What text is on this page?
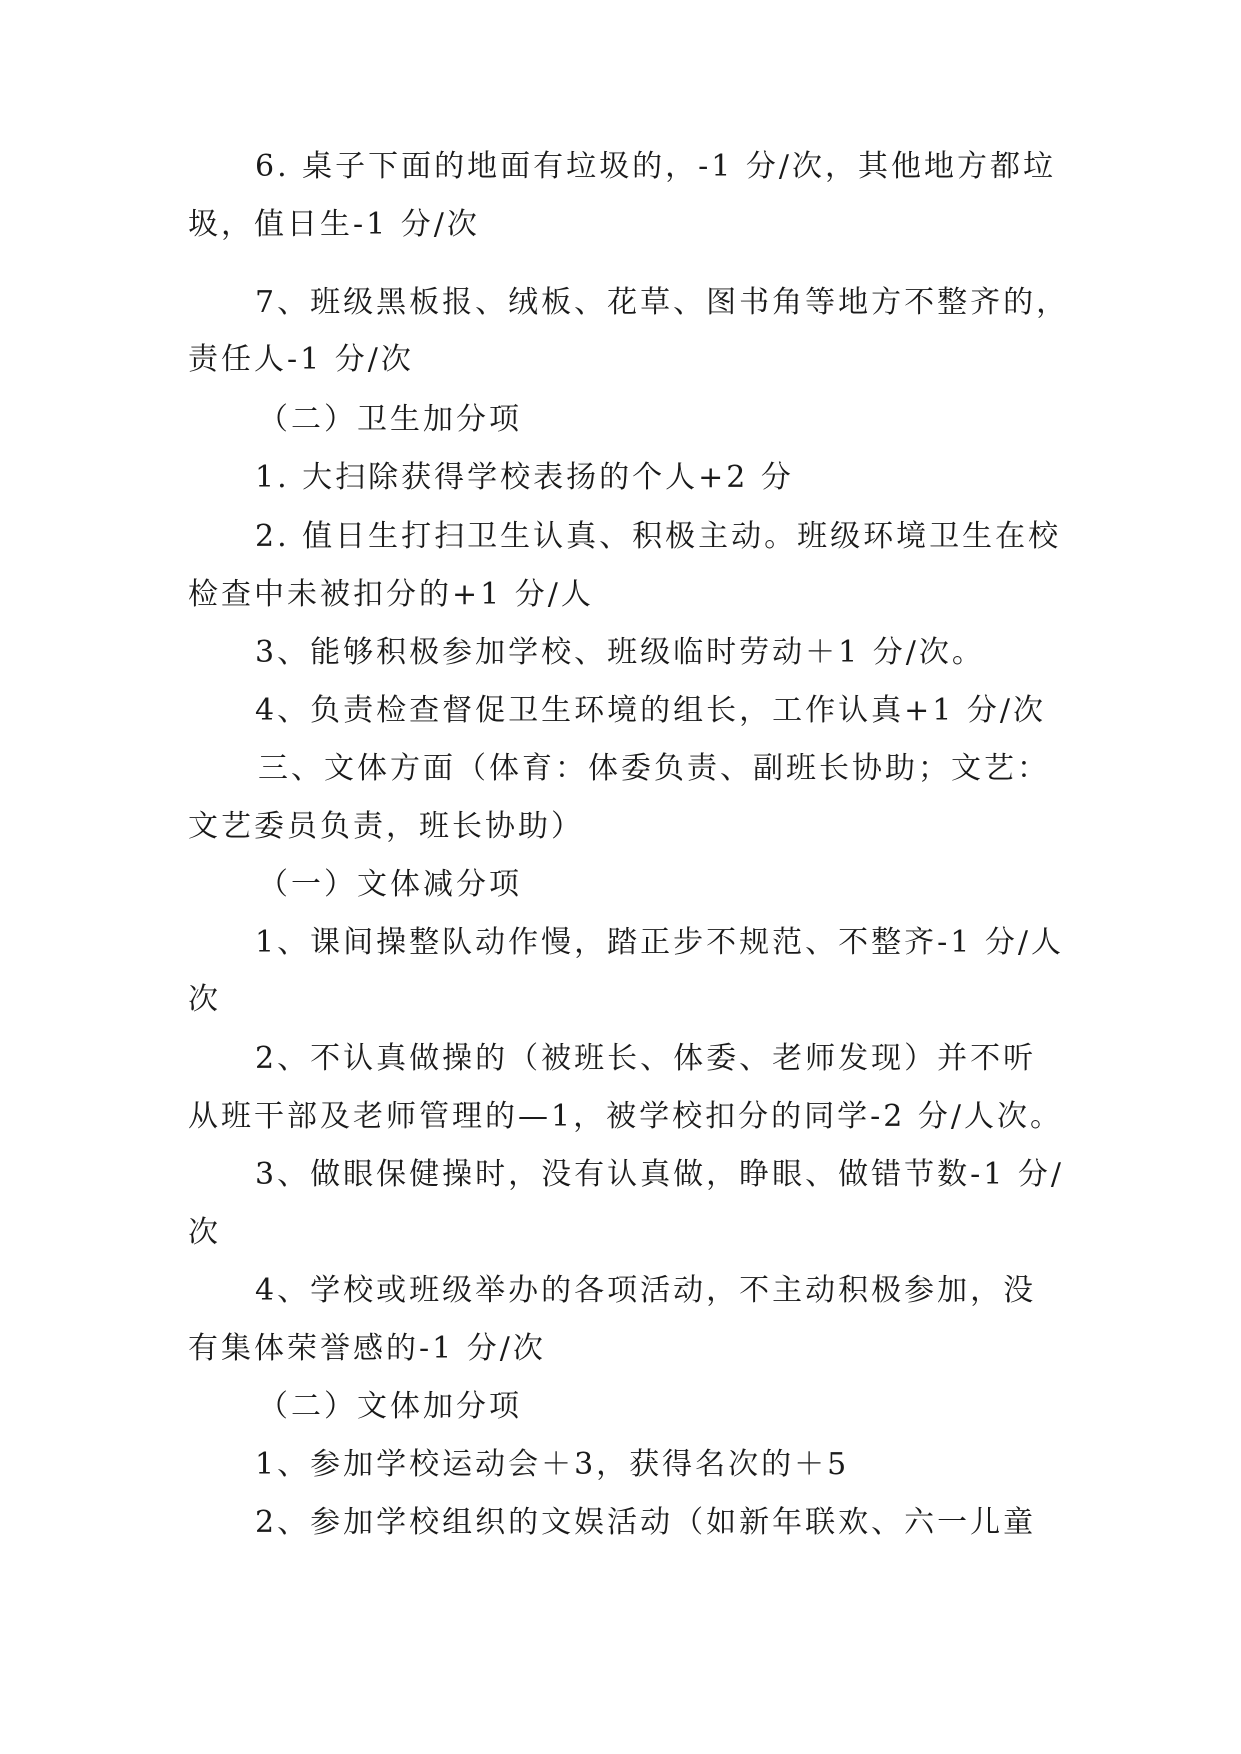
6. 桌子下面的地面有垃圾的，-1 分/次，其他地方都垃
圾，值日生-1 分/次
7、班级黑板报、绒板、花草、图书角等地方不整齐的，
责任人-1 分/次
（二）卫生加分项
1. 大扫除获得学校表扬的个人+2 分
2. 值日生打扫卫生认真、积极主动。班级环境卫生在校
检查中未被扣分的+1 分/人
3、能够积极参加学校、班级临时劳动＋1 分/次。
4、负责检查督促卫生环境的组长，工作认真+1 分/次
三、文体方面（体育：体委负责、副班长协助；文艺：
文艺委员负责，班长协助）
（一）文体减分项
1、课间操整队动作慢，踏正步不规范、不整齐-1 分/人
次
2、不认真做操的（被班长、体委、老师发现）并不听
从班干部及老师管理的—1，被学校扣分的同学-2 分/人次。
3、做眼保健操时，没有认真做，睁眼、做错节数-1 分/
次
4、学校或班级举办的各项活动，不主动积极参加，没
有集体荣誉感的-1 分/次
（二）文体加分项
1、参加学校运动会＋3，获得名次的＋5
2、参加学校组织的文娱活动（如新年联欢、六一儿童
